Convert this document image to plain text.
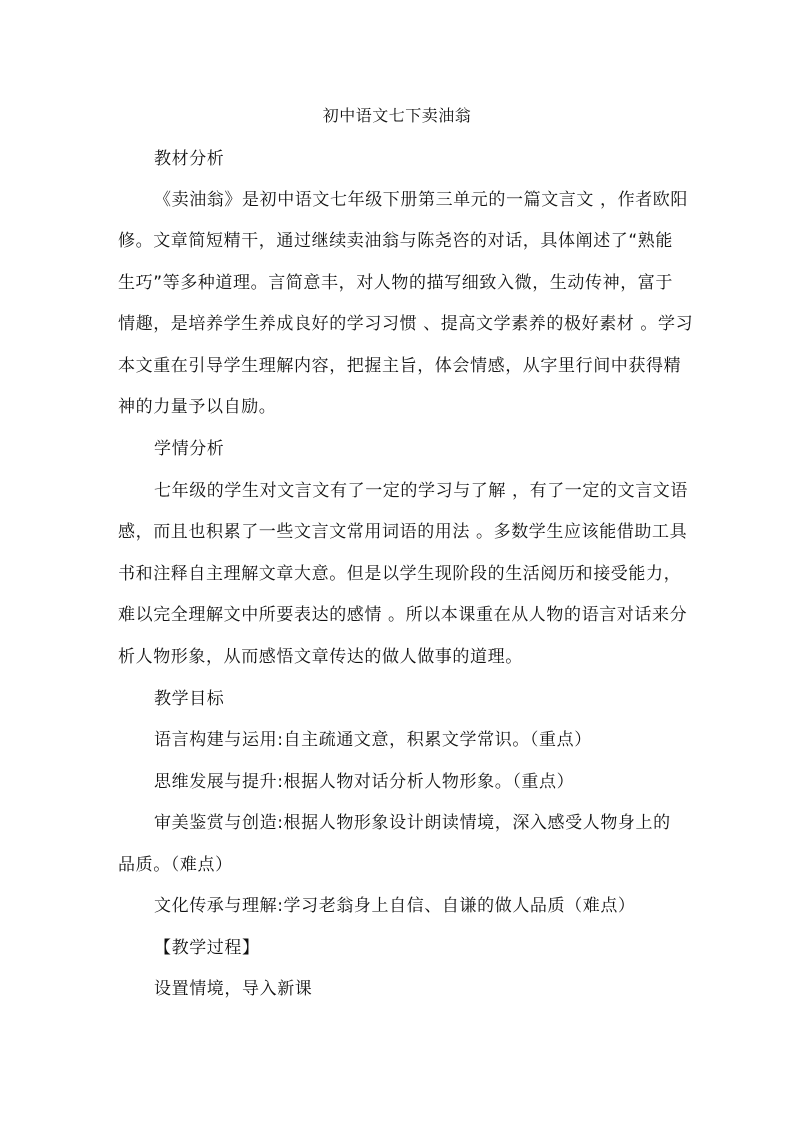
初中语文七下卖油翁
教材分析
《卖油翁》是初中语文七年级下册第三单元的一篇文言文 ，作者欧阳
修。文章简短精干，通过继续卖油翁与陈尧咨的对话，具体阐述了“熟能
生巧”等多种道理。言简意丰，对人物的描写细致入微，生动传神，富于
情趣，是培养学生养成良好的学习习惯 、提高文学素养的极好素材 。学习
本文重在引导学生理解内容，把握主旨，体会情感，从字里行间中获得精
神的力量予以自励。
学情分析
七年级的学生对文言文有了一定的学习与了解 ，有了一定的文言文语
感，而且也积累了一些文言文常用词语的用法 。多数学生应该能借助工具
书和注释自主理解文章大意。但是以学生现阶段的生活阅历和接受能力，
难以完全理解文中所要表达的感情 。所以本课重在从人物的语言对话来分
析人物形象，从而感悟文章传达的做人做事的道理。
教学目标
语言构建与运用:自主疏通文意，积累文学常识。（重点）
思维发展与提升:根据人物对话分析人物形象。（重点）
审美鉴赏与创造:根据人物形象设计朗读情境，深入感受人物身上的
品质。（难点）
文化传承与理解:学习老翁身上自信、自谦的做人品质（难点）
【教学过程】
设置情境，导入新课
